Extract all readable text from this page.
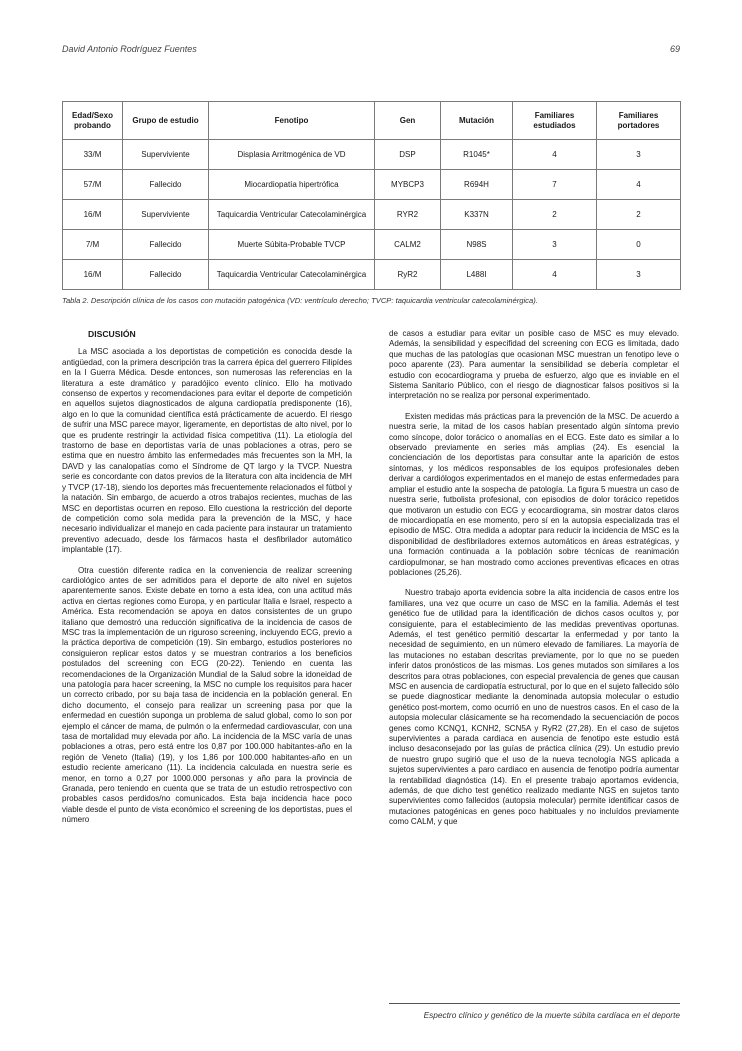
David Antonio Rodríguez Fuentes	69
Edad/Sexo probando	Grupo de estudio	Fenotipo	Gen	Mutación	Familiares estudiados	Familiares portadores
33/M	Superviviente	Displasia Arritmogénica de VD	DSP	R1045*	4	3
57/M	Fallecido	Miocardiopatía hipertrófica	MYBCP3	R694H	7	4
16/M	Superviviente	Taquicardia Ventricular Catecolaminérgica	RYR2	K337N	2	2
7/M	Fallecido	Muerte Súbita-Probable TVCP	CALM2	N98S	3	0
16/M	Fallecido	Taquicardia Ventricular Catecolaminérgica	RyR2	L488I	4	3
Tabla 2. Descripción clínica de los casos con mutación patogénica (VD: ventrículo derecho; TVCP: taquicardia ventricular catecolaminérgica).
DISCUSIÓN

La MSC asociada a los deportistas de competición es conocida desde la antigüedad, con la primera descripción tras la carrera épica del guerrero Filipídes en la I Guerra Médica. Desde entonces, son numerosas las referencias en la literatura a este dramático y paradójico evento clínico. Ello ha motivado consenso de expertos y recomendaciones para evitar el deporte de competición en aquellos sujetos diagnosticados de alguna cardiopatía predisponente (16), algo en lo que la comunidad científica está prácticamente de acuerdo. El riesgo de sufrir una MSC parece mayor, ligeramente, en deportistas de alto nivel, por lo que es prudente restringir la actividad física competitiva (11). La etiología del trastorno de base en deportistas varía de unas poblaciones a otras, pero se estima que en nuestro ámbito las enfermedades más frecuentes son la MH, la DAVD y las canalopatías como el Síndrome de QT largo y la TVCP. Nuestra serie es concordante con datos previos de la literatura con alta incidencia de MH y TVCP (17-18), siendo los deportes más frecuentemente relacionados el fútbol y la natación. Sin embargo, de acuerdo a otros trabajos recientes, muchas de las MSC en deportistas ocurren en reposo. Ello cuestiona la restricción del deporte de competición como sola medida para la prevención de la MSC, y hace necesario individualizar el manejo en cada paciente para instaurar un tratamiento preventivo adecuado, desde los fármacos hasta el desfibrilador automático implantable (17).

Otra cuestión diferente radica en la conveniencia de realizar screening cardiológico antes de ser admitidos para el deporte de alto nivel en sujetos aparentemente sanos. Existe debate en torno a esta idea, con una actitud más activa en ciertas regiones como Europa, y en particular Italia e Israel, respecto a América. Esta recomendación se apoya en datos consistentes de un grupo italiano que demostró una reducción significativa de la incidencia de casos de MSC tras la implementación de un riguroso screening, incluyendo ECG, previo a la práctica deportiva de competición (19). Sin embargo, estudios posteriores no consiguieron replicar estos datos y se muestran contrarios a los beneficios postulados del screening con ECG (20-22). Teniendo en cuenta las recomendaciones de la Organización Mundial de la Salud sobre la idoneidad de una patología para hacer screening, la MSC no cumple los requisitos para hacer un correcto cribado, por su baja tasa de incidencia en la población general. En dicho documento, el consejo para realizar un screening pasa por que la enfermedad en cuestión suponga un problema de salud global, como lo son por ejemplo el cáncer de mama, de pulmón o la enfermedad cardiovascular, con una tasa de mortalidad muy elevada por año. La incidencia de la MSC varía de unas poblaciones a otras, pero está entre los 0,87 por 100.000 habitantes-año en la región de Veneto (Italia) (19), y los 1,86 por 100.000 habitantes-año en un estudio reciente americano (11). La incidencia calculada en nuestra serie es menor, en torno a 0,27 por 1000.000 personas y año para la provincia de Granada, pero teniendo en cuenta que se trata de un estudio retrospectivo con probables casos perdidos/no comunicados. Esta baja incidencia hace poco viable desde el punto de vista económico el screening de los deportistas, pues el número

de casos a estudiar para evitar un posible caso de MSC es muy elevado. Además, la sensibilidad y especifidad del screening con ECG es limitada, dado que muchas de las patologías que ocasionan MSC muestran un fenotipo leve o poco aparente (23). Para aumentar la sensibilidad se debería completar el estudio con ecocardiograma y prueba de esfuerzo, algo que es inviable en el Sistema Sanitario Público, con el riesgo de diagnosticar falsos positivos si la interpretación no se realiza por personal experimentado.

Existen medidas más prácticas para la prevención de la MSC. De acuerdo a nuestra serie, la mitad de los casos habían presentado algún síntoma previo como síncope, dolor torácico o anomalías en el ECG. Este dato es similar a lo observado previamente en series más amplias (24). Es esencial la concienciación de los deportistas para consultar ante la aparición de estos síntomas, y los médicos responsables de los equipos profesionales deben derivar a cardiólogos experimentados en el manejo de estas enfermedades para ampliar el estudio ante la sospecha de patología. La figura 5 muestra un caso de nuestra serie, futbolista profesional, con episodios de dolor torácico repetidos que motivaron un estudio con ECG y ecocardiograma, sin mostrar datos claros de miocardiopatía en ese momento, pero sí en la autopsia especializada tras el episodio de MSC. Otra medida a adoptar para reducir la incidencia de MSC es la disponibilidad de desfibriladores externos automáticos en áreas estratégicas, y una formación continuada a la población sobre técnicas de reanimación cardiopulmonar, se han mostrado como acciones preventivas eficaces en otras poblaciones (25,26).

Nuestro trabajo aporta evidencia sobre la alta incidencia de casos entre los familiares, una vez que ocurre un caso de MSC en la familia. Además el test genético fue de utilidad para la identificación de dichos casos ocultos y, por consiguiente, para el establecimiento de las medidas preventivas oportunas. Además, el test genético permitió descartar la enfermedad y por tanto la necesidad de seguimiento, en un número elevado de familiares. La mayoría de las mutaciones no estaban descritas previamente, por lo que no se pueden inferir datos pronósticos de las mismas. Los genes mutados son similares a los descritos para otras poblaciones, con especial prevalencia de genes que causan MSC en ausencia de cardiopatía estructural, por lo que en el sujeto fallecido sólo se puede diagnosticar mediante la denominada autopsia molecular o estudio genético post-mortem, como ocurrió en uno de nuestros casos. En el caso de la autopsia molecular clásicamente se ha recomendado la secuenciación de pocos genes como KCNQ1, KCNH2, SCN5A y RyR2 (27,28). En el caso de sujetos supervivientes a parada cardiaca en ausencia de fenotipo este estudio está incluso desaconsejado por las guías de práctica clínica (29). Un estudio previo de nuestro grupo sugirió que el uso de la nueva tecnología NGS aplicada a sujetos supervivientes a paro cardiaco en ausencia de fenotipo podría aumentar la rentabilidad diagnóstica (14). En el presente trabajo aportamos evidencia, además, de que dicho test genético realizado mediante NGS en sujetos tanto supervivientes como fallecidos (autopsia molecular) permite identificar casos de mutaciones patogénicas en genes poco habituales y no incluídos previamente como CALM, y que

Espectro clínico y genético de la muerte súbita cardíaca en el deporte
